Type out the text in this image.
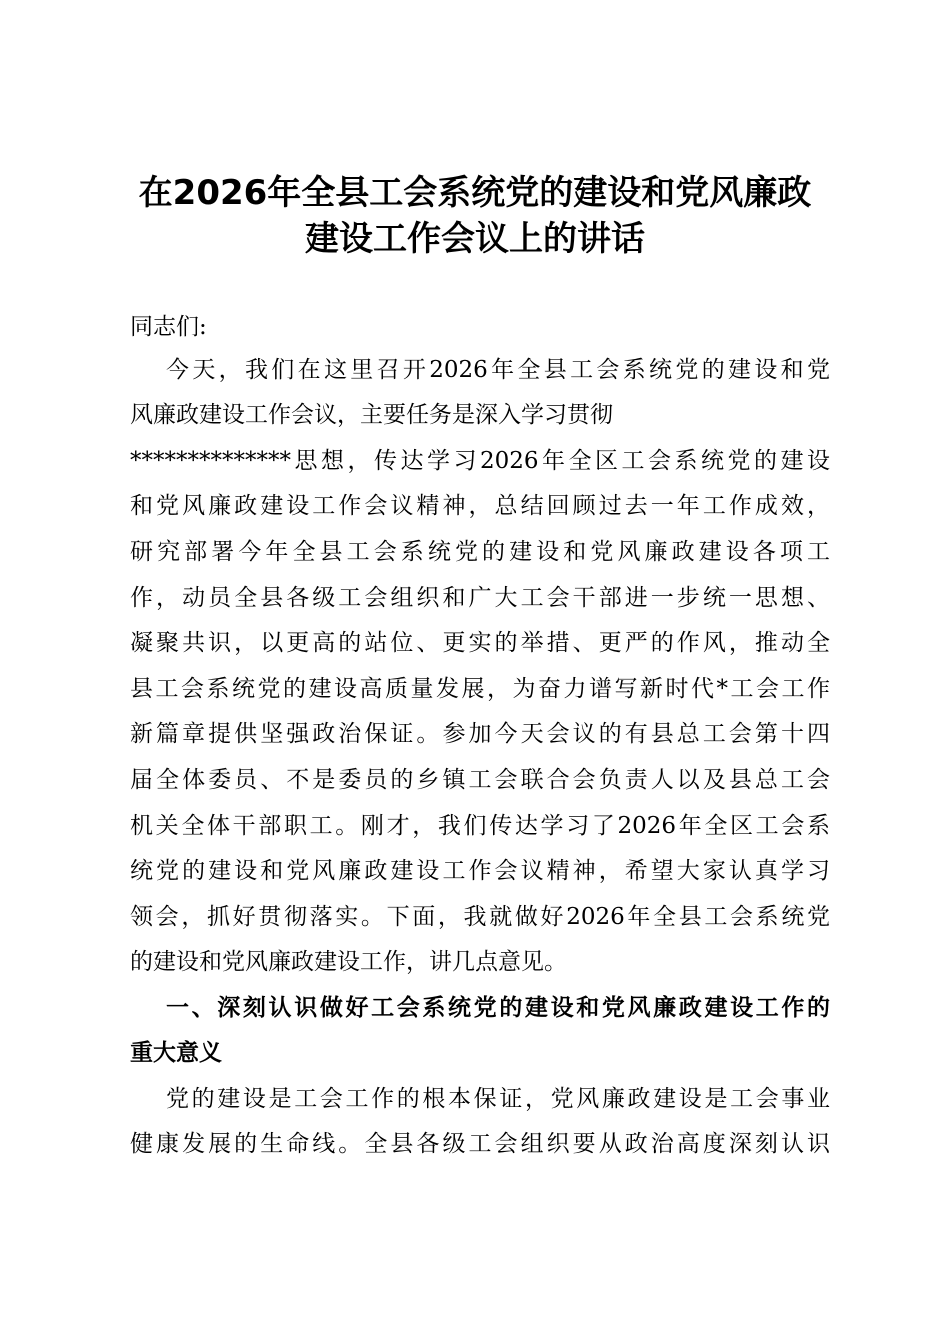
在2026年全县工会系统党的建设和党风廉政
建设工作会议上的讲话
同志们:
今天，我们在这里召开2026年全县工会系统党的建设和党
风廉政建设工作会议，主要任务是深入学习贯彻
**************思想，传达学习2026年全区工会系统党的建设
和党风廉政建设工作会议精神，总结回顾过去一年工作成效，
研究部署今年全县工会系统党的建设和党风廉政建设各项工
作，动员全县各级工会组织和广大工会干部进一步统一思想、
凝聚共识，以更高的站位、更实的举措、更严的作风，推动全
县工会系统党的建设高质量发展，为奋力谱写新时代*工会工作
新篇章提供坚强政治保证。参加今天会议的有县总工会第十四
届全体委员、不是委员的乡镇工会联合会负责人以及县总工会
机关全体干部职工。刚才，我们传达学习了2026年全区工会系
统党的建设和党风廉政建设工作会议精神，希望大家认真学习
领会，抓好贯彻落实。下面，我就做好2026年全县工会系统党
的建设和党风廉政建设工作，讲几点意见。
一、深刻认识做好工会系统党的建设和党风廉政建设工作的
重大意义
党的建设是工会工作的根本保证，党风廉政建设是工会事业
健康发展的生命线。全县各级工会组织要从政治高度深刻认识
